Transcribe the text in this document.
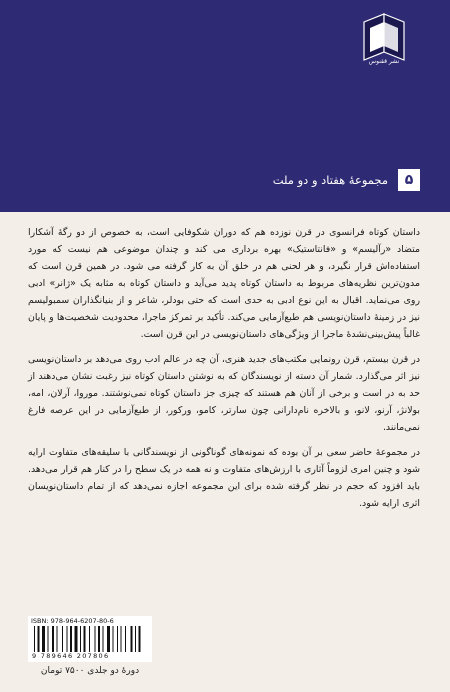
نشر ققنوس
۵
مجموعهٔ هفتاد و دو ملت

داستان کوتاه فرانسوی در قرن نوزده هم که دوران شکوفایی است، به خصوص از دو رگهٔ آشکارا متضاد «رآلیسم» و «فانتاستیک» بهره برداری می کند و چندان موضوعی هم نیست که مورد استفاده‌اش قرار نگیرد، و هر لحنی هم در خلق آن به کار گرفته می شود. در همین قرن است که مدون‌ترین نظریه‌های مربوط به داستان کوتاه پدید می‌آید و داستان کوتاه به مثابه یک «ژانر» ادبی روی می‌نماید. اقبال به این نوع ادبی به حدی است که حتی بودلر، شاعر و از بنیانگذاران سمبولیسم نیز در زمینهٔ داستان‌نویسی هم طبع‌آزمایی می‌کند. تأکید بر تمرکز ماجرا، محدودیت شخصیت‌ها و پایان غالباً پیش‌بینی‌نشدهٔ ماجرا از ویژگی‌های داستان‌نویسی در این قرن است.

در قرن بیستم، قرن رونمایی مکتب‌های جدید هنری، آن چه در عالم ادب روی می‌دهد بر داستان‌نویسی نیز اثر می‌گذارد. شمار آن دسته از نویسندگان که به نوشتن داستان کوتاه نیز رغبت نشان می‌دهند از حد به در است و برخی از آنان هم هستند که چیزی جز داستان کوتاه نمی‌نوشتند. موروا، آرلان، امه، بولانژ، آرنو، لانو، و بالاخره نام‌دارانی چون سارتر، کامو، ورکور، از طبع‌آزمایی در این عرصه فارغ نمی‌مانند.

در مجموعهٔ حاضر سعی بر آن بوده که نمونه‌های گوناگونی از نویسندگانی با سلیقه‌های متفاوت ارایه شود و چنین امری لزوماً آثاری با ارزش‌های متفاوت و نه همه در یک سطح را در کنار هم قرار می‌دهد. باید افزود که حجم در نظر گرفته شده برای این مجموعه اجازه نمی‌دهد که از تمام داستان‌نویسان اثری ارایه شود.

ISBN: 978-964-6207-80-6
9 789646 207806
دورهٔ دو جلدی ۷۵۰۰ تومان
